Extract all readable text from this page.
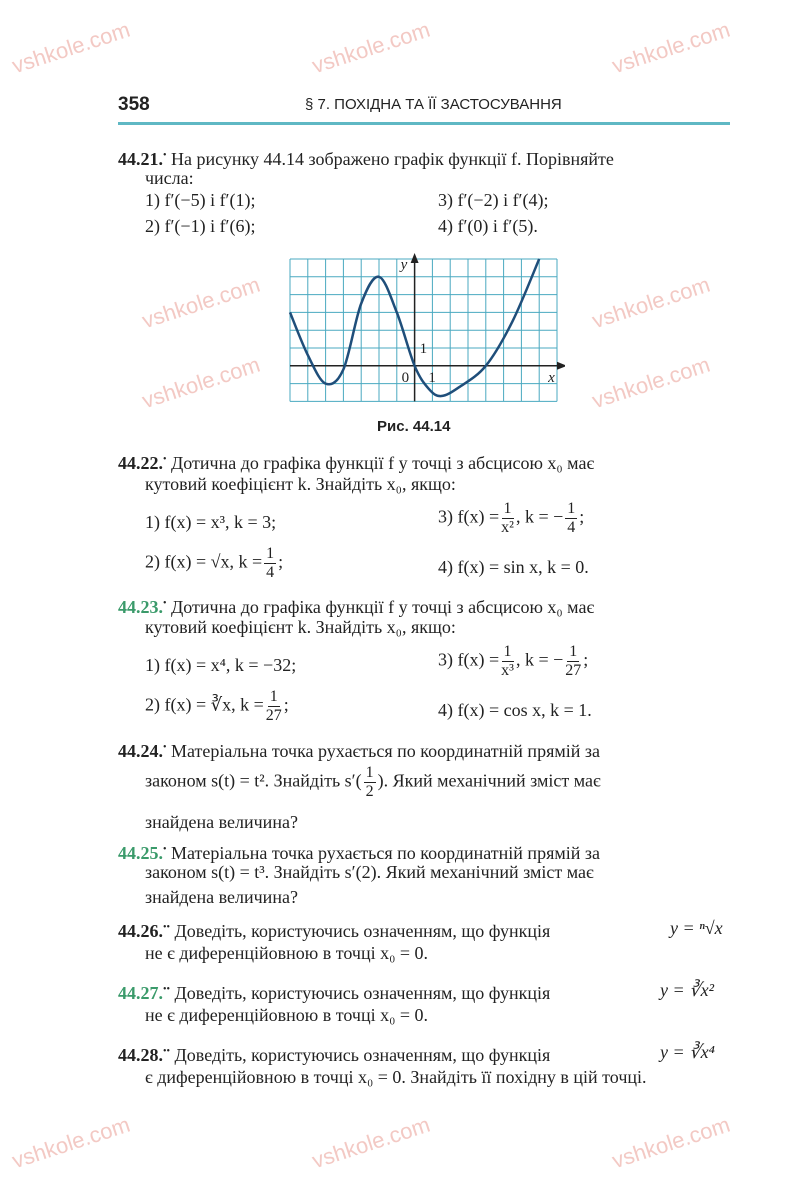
vshkole.com	vshkole.com	vshkole.com
vshkole.com
vshkole.com
vshkole.com
vshkole.com
vshkole.com	vshkole.com	vshkole.com
358	§ 7. ПОХІДНА ТА ЇЇ ЗАСТОСУВАННЯ
44.21.• На рисунку 44.14 зображено графік функції f. Порівняйте
числа:
1) f′(−5) і f′(1);	3) f′(−2) і f′(4);
2) f′(−1) і f′(6);	4) f′(0) і f′(5).
y
x
0 1
1
Рис. 44.14
44.22.• Дотична до графіка функції f у точці з абсцисою x₀ має
кутовий коефіцієнт k. Знайдіть x₀, якщо:
1) f(x) = x³, k = 3;	3) $f(x) = \frac{1}{\text{x²}}$ , k = − $\frac{1}{4}$ ;
2) f(x) = √x, $k = \frac{1}{4}$ ;	4) f(x) = sin x, k = 0.
44.23.• Дотична до графіка функції f у точці з абсцисою x₀ має
кутовий коефіцієнт k. Знайдіть x₀, якщо:
1) f(x) = x⁴, k = −32;	3) $f(x) = \frac{1}{\text{x³}}$ , k = − $\frac{1}{27}$ ;
2) f(x) = ∛x, $k = \frac{1}{27}$ ;	4) f(x) = cos x, k = 1.
44.24.• Матеріальна точка рухається по координатній прямій за
законом s(t) = t². Знайдіть $s'( \frac{1}{2}$ ). Який механічний зміст має
знайдена величина?
44.25.• Матеріальна точка рухається по координатній прямій за
законом s(t) = t³. Знайдіть s′(2). Який механічний зміст має
знайдена величина?
44.26.•• Доведіть, користуючись означенням, що функція	y = ⁿ√x
не є диференційовною в точці x₀ = 0.
44.27.•• Доведіть, користуючись означенням, що функція	y = ∛x²
не є диференційовною в точці x₀ = 0.
44.28.•• Доведіть, користуючись означенням, що функція	y = ∛x⁴
є диференційовною в точці x₀ = 0. Знайдіть її похідну в цій точці.
